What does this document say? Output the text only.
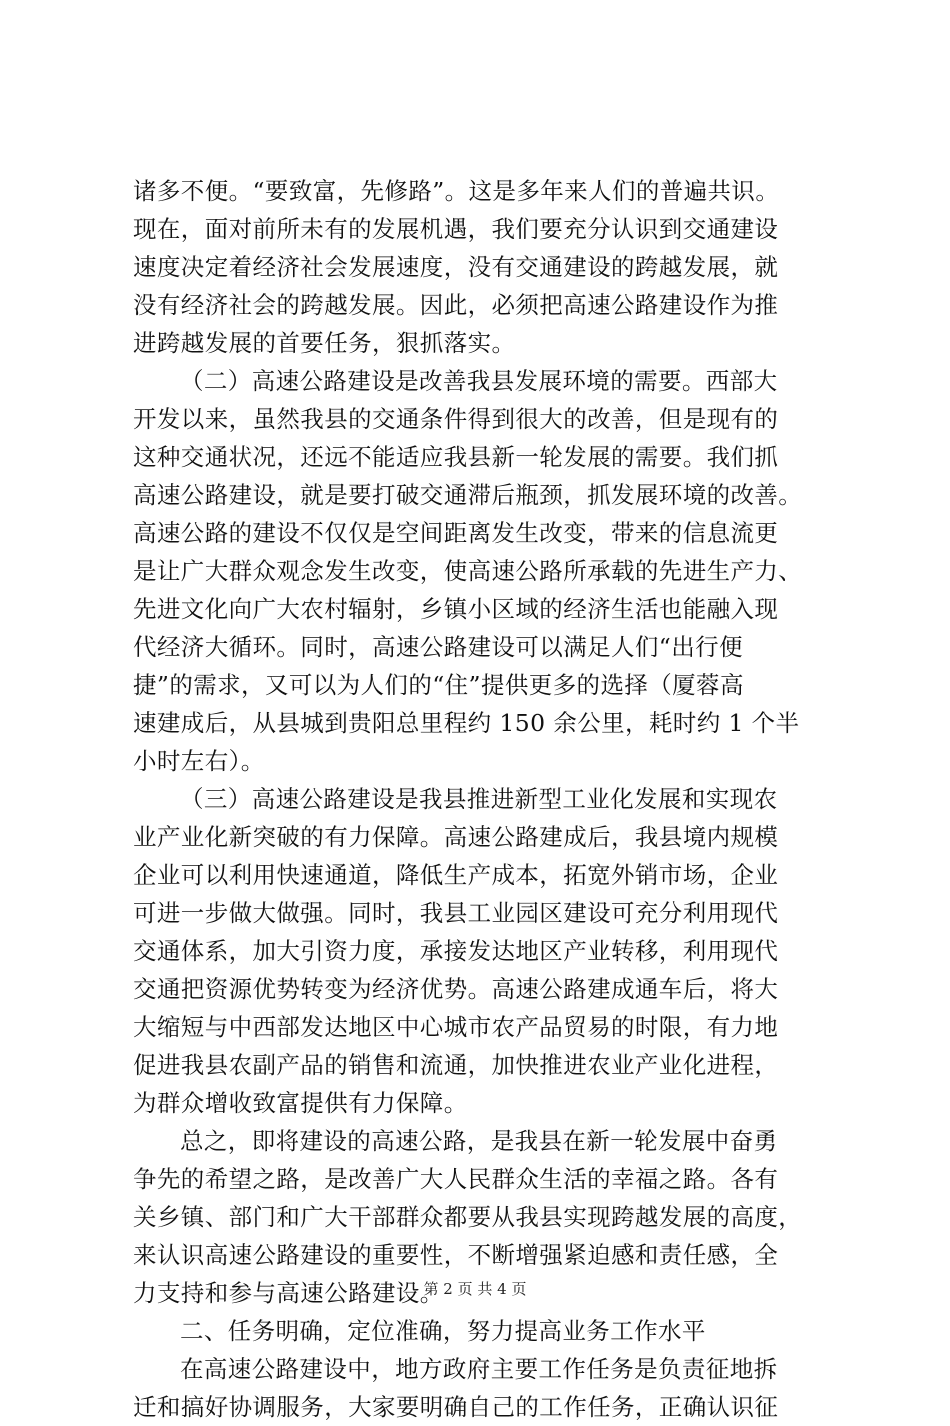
诸多不便。“要致富，先修路”。这是多年来人们的普遍共识。
现在，面对前所未有的发展机遇，我们要充分认识到交通建设
速度决定着经济社会发展速度，没有交通建设的跨越发展，就
没有经济社会的跨越发展。因此，必须把高速公路建设作为推
进跨越发展的首要任务，狠抓落实。
（二）高速公路建设是改善我县发展环境的需要。西部大
开发以来，虽然我县的交通条件得到很大的改善，但是现有的
这种交通状况，还远不能适应我县新一轮发展的需要。我们抓
高速公路建设，就是要打破交通滞后瓶颈，抓发展环境的改善。
高速公路的建设不仅仅是空间距离发生改变，带来的信息流更
是让广大群众观念发生改变，使高速公路所承载的先进生产力、
先进文化向广大农村辐射，乡镇小区域的经济生活也能融入现
代经济大循环。同时，高速公路建设可以满足人们“出行便
捷”的需求，又可以为人们的“住”提供更多的选择（厦蓉高
速建成后，从县城到贵阳总里程约 150 余公里，耗时约 1 个半
小时左右）。
（三）高速公路建设是我县推进新型工业化发展和实现农
业产业化新突破的有力保障。高速公路建成后，我县境内规模
企业可以利用快速通道，降低生产成本，拓宽外销市场，企业
可进一步做大做强。同时，我县工业园区建设可充分利用现代
交通体系，加大引资力度，承接发达地区产业转移，利用现代
交通把资源优势转变为经济优势。高速公路建成通车后，将大
大缩短与中西部发达地区中心城市农产品贸易的时限，有力地
促进我县农副产品的销售和流通，加快推进农业产业化进程，
为群众增收致富提供有力保障。
总之，即将建设的高速公路，是我县在新一轮发展中奋勇
争先的希望之路，是改善广大人民群众生活的幸福之路。各有
关乡镇、部门和广大干部群众都要从我县实现跨越发展的高度，
来认识高速公路建设的重要性，不断增强紧迫感和责任感，全
力支持和参与高速公路建设。
二、任务明确，定位准确，努力提高业务工作水平
在高速公路建设中，地方政府主要工作任务是负责征地拆
迁和搞好协调服务，大家要明确自己的工作任务，正确认识征
第 2 页 共 4 页
